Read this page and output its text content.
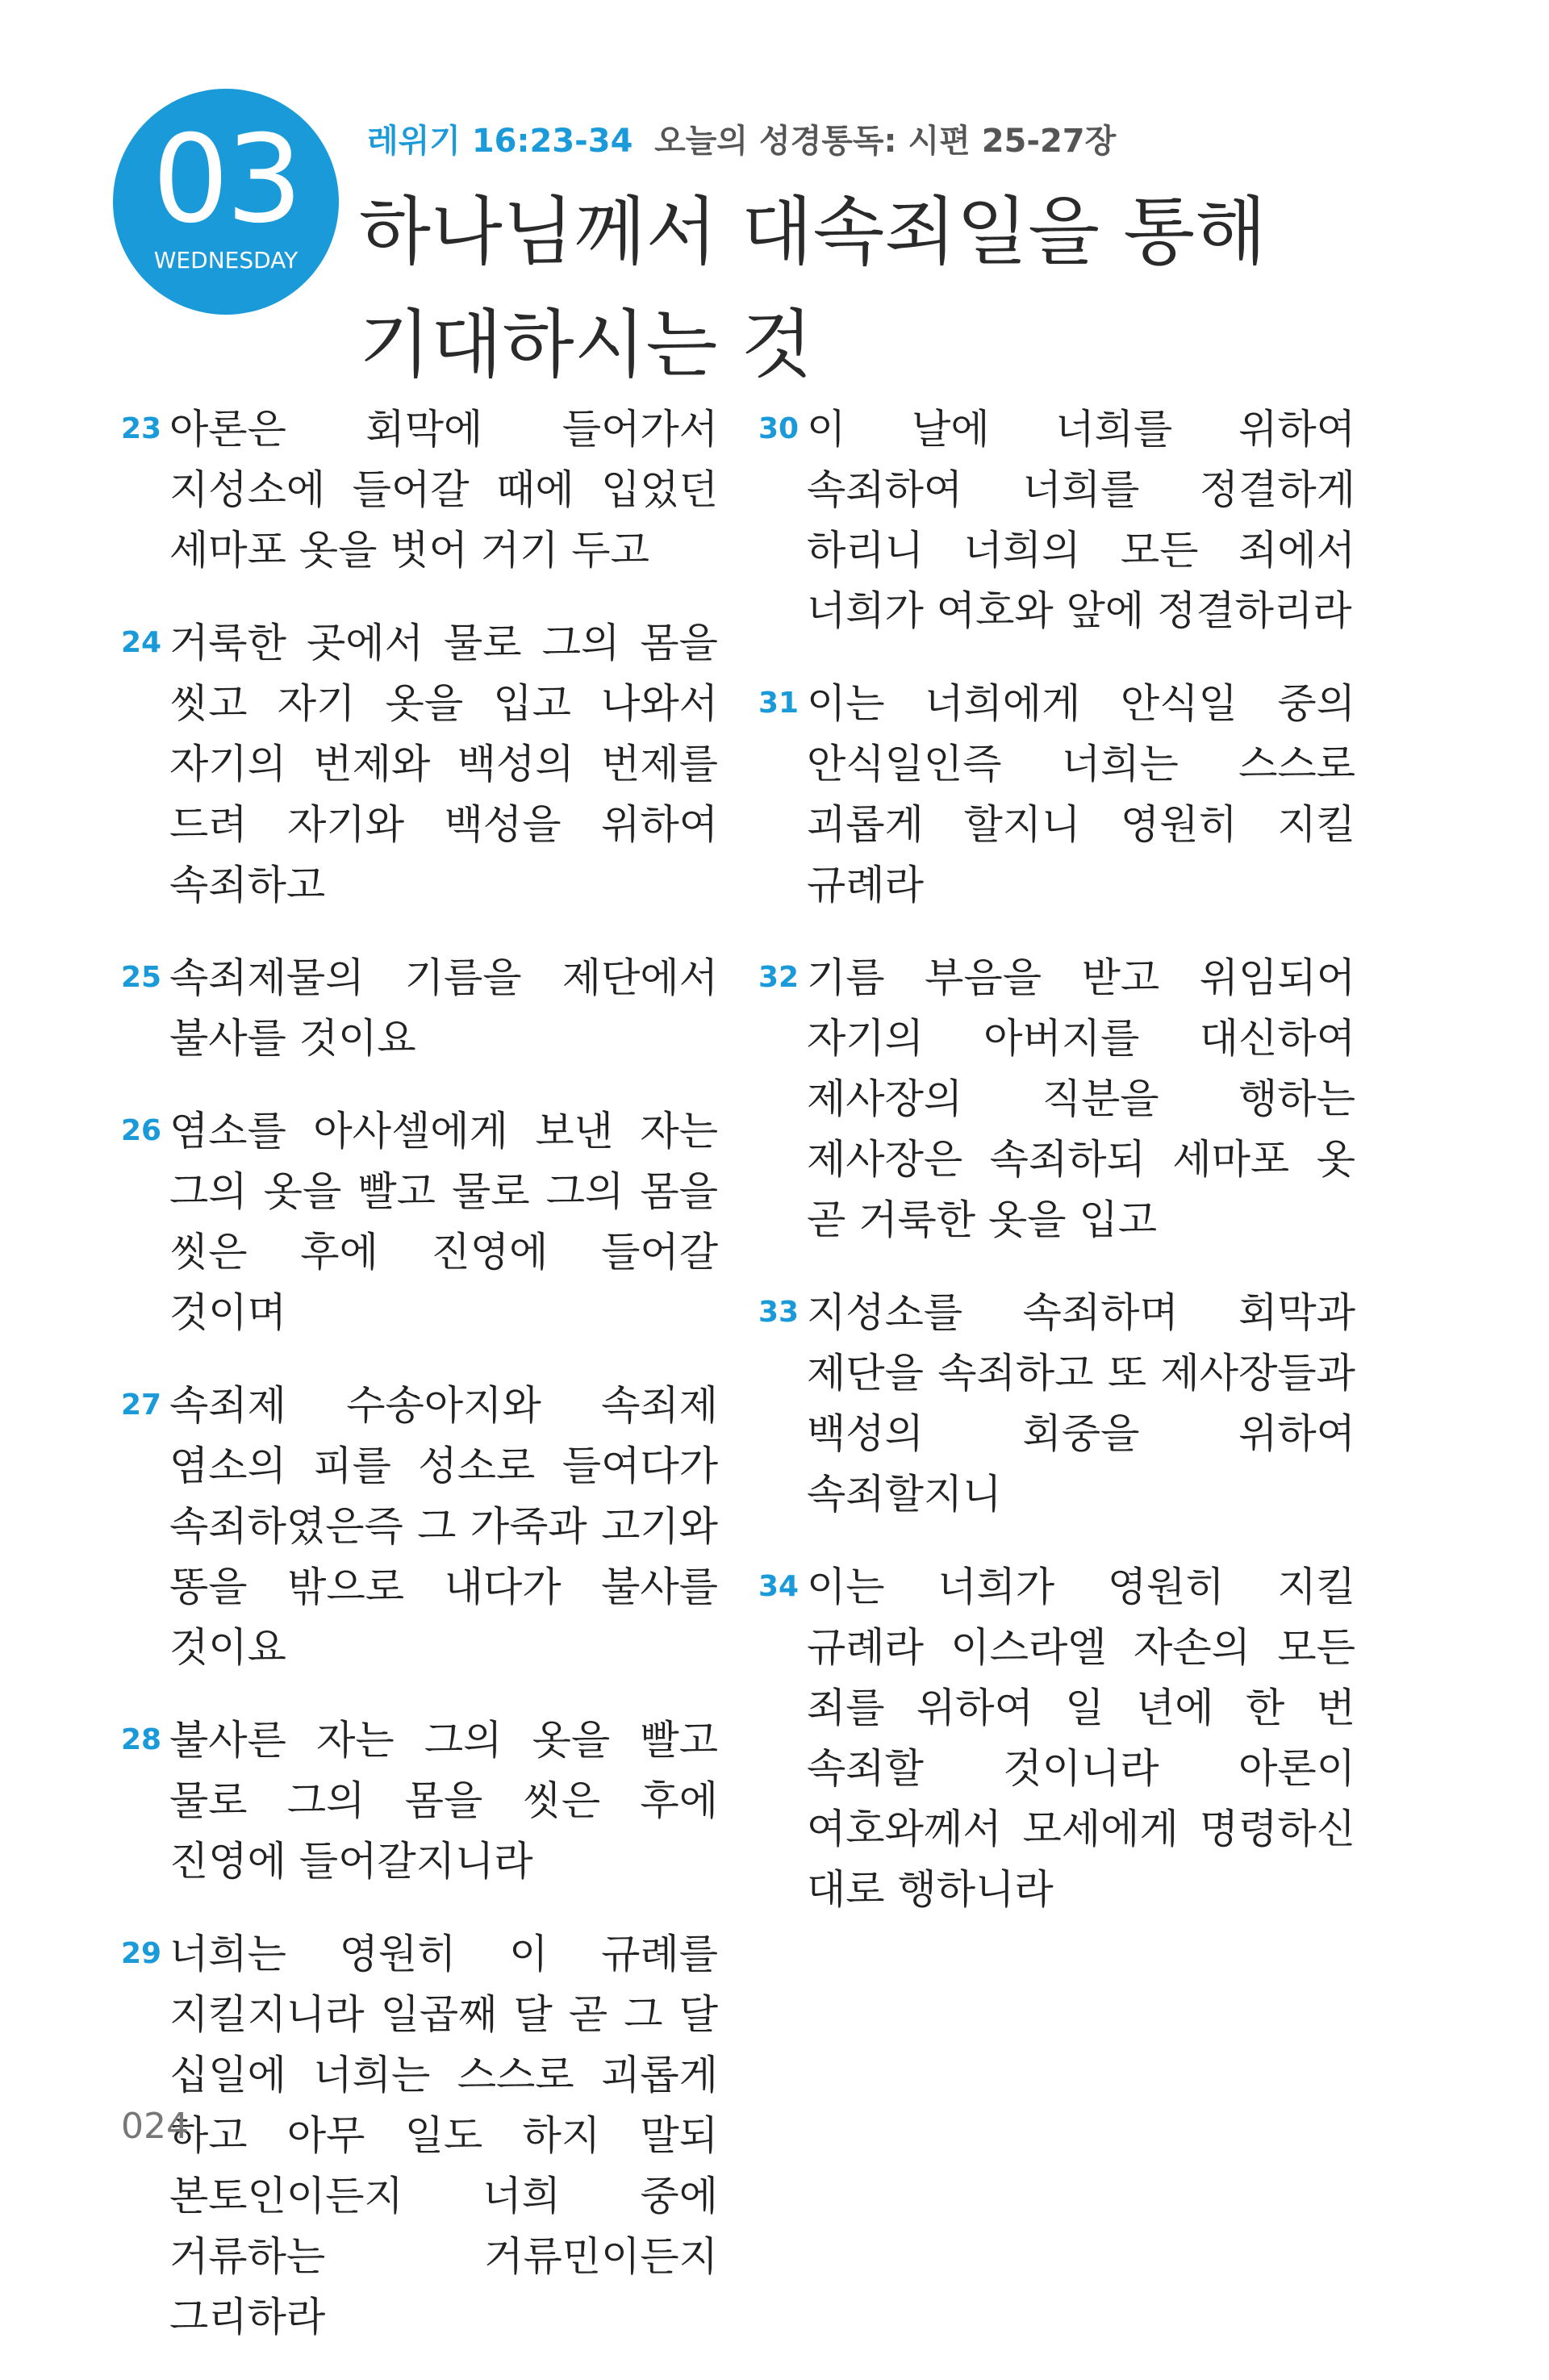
03
WEDNESDAY
레위기 16:23-34 오늘의 성경통독: 시편 25-27장
하나님께서 대속죄일을 통해
기대하시는 것
23 아론은 회막에 들어가서 지성소에 들어갈 때에 입었던 세마포 옷을 벗어 거기 두고
24 거룩한 곳에서 물로 그의 몸을 씻고 자기 옷을 입고 나와서 자기의 번제와 백성의 번제를 드려 자기와 백성을 위하여 속죄하고
25 속죄제물의 기름을 제단에서 불사를 것이요
26 염소를 아사셀에게 보낸 자는 그의 옷을 빨고 물로 그의 몸을 씻은 후에 진영에 들어갈 것이며
27 속죄제 수송아지와 속죄제 염소의 피를 성소로 들여다가 속죄하였은즉 그 가죽과 고기와 똥을 밖으로 내다가 불사를 것이요
28 불사른 자는 그의 옷을 빨고 물로 그의 몸을 씻은 후에 진영에 들어갈지니라
29 너희는 영원히 이 규례를 지킬지니라 일곱째 달 곧 그 달 십일에 너희는 스스로 괴롭게 하고 아무 일도 하지 말되 본토인이든지 너희 중에 거류하는 거류민이든지 그리하라
30 이 날에 너희를 위하여 속죄하여 너희를 정결하게 하리니 너희의 모든 죄에서 너희가 여호와 앞에 정결하리라
31 이는 너희에게 안식일 중의 안식일인즉 너희는 스스로 괴롭게 할지니 영원히 지킬 규례라
32 기름 부음을 받고 위임되어 자기의 아버지를 대신하여 제사장의 직분을 행하는 제사장은 속죄하되 세마포 옷 곧 거룩한 옷을 입고
33 지성소를 속죄하며 회막과 제단을 속죄하고 또 제사장들과 백성의 회중을 위하여 속죄할지니
34 이는 너희가 영원히 지킬 규례라 이스라엘 자손의 모든 죄를 위하여 일 년에 한 번 속죄할 것이니라 아론이 여호와께서 모세에게 명령하신 대로 행하니라
024
